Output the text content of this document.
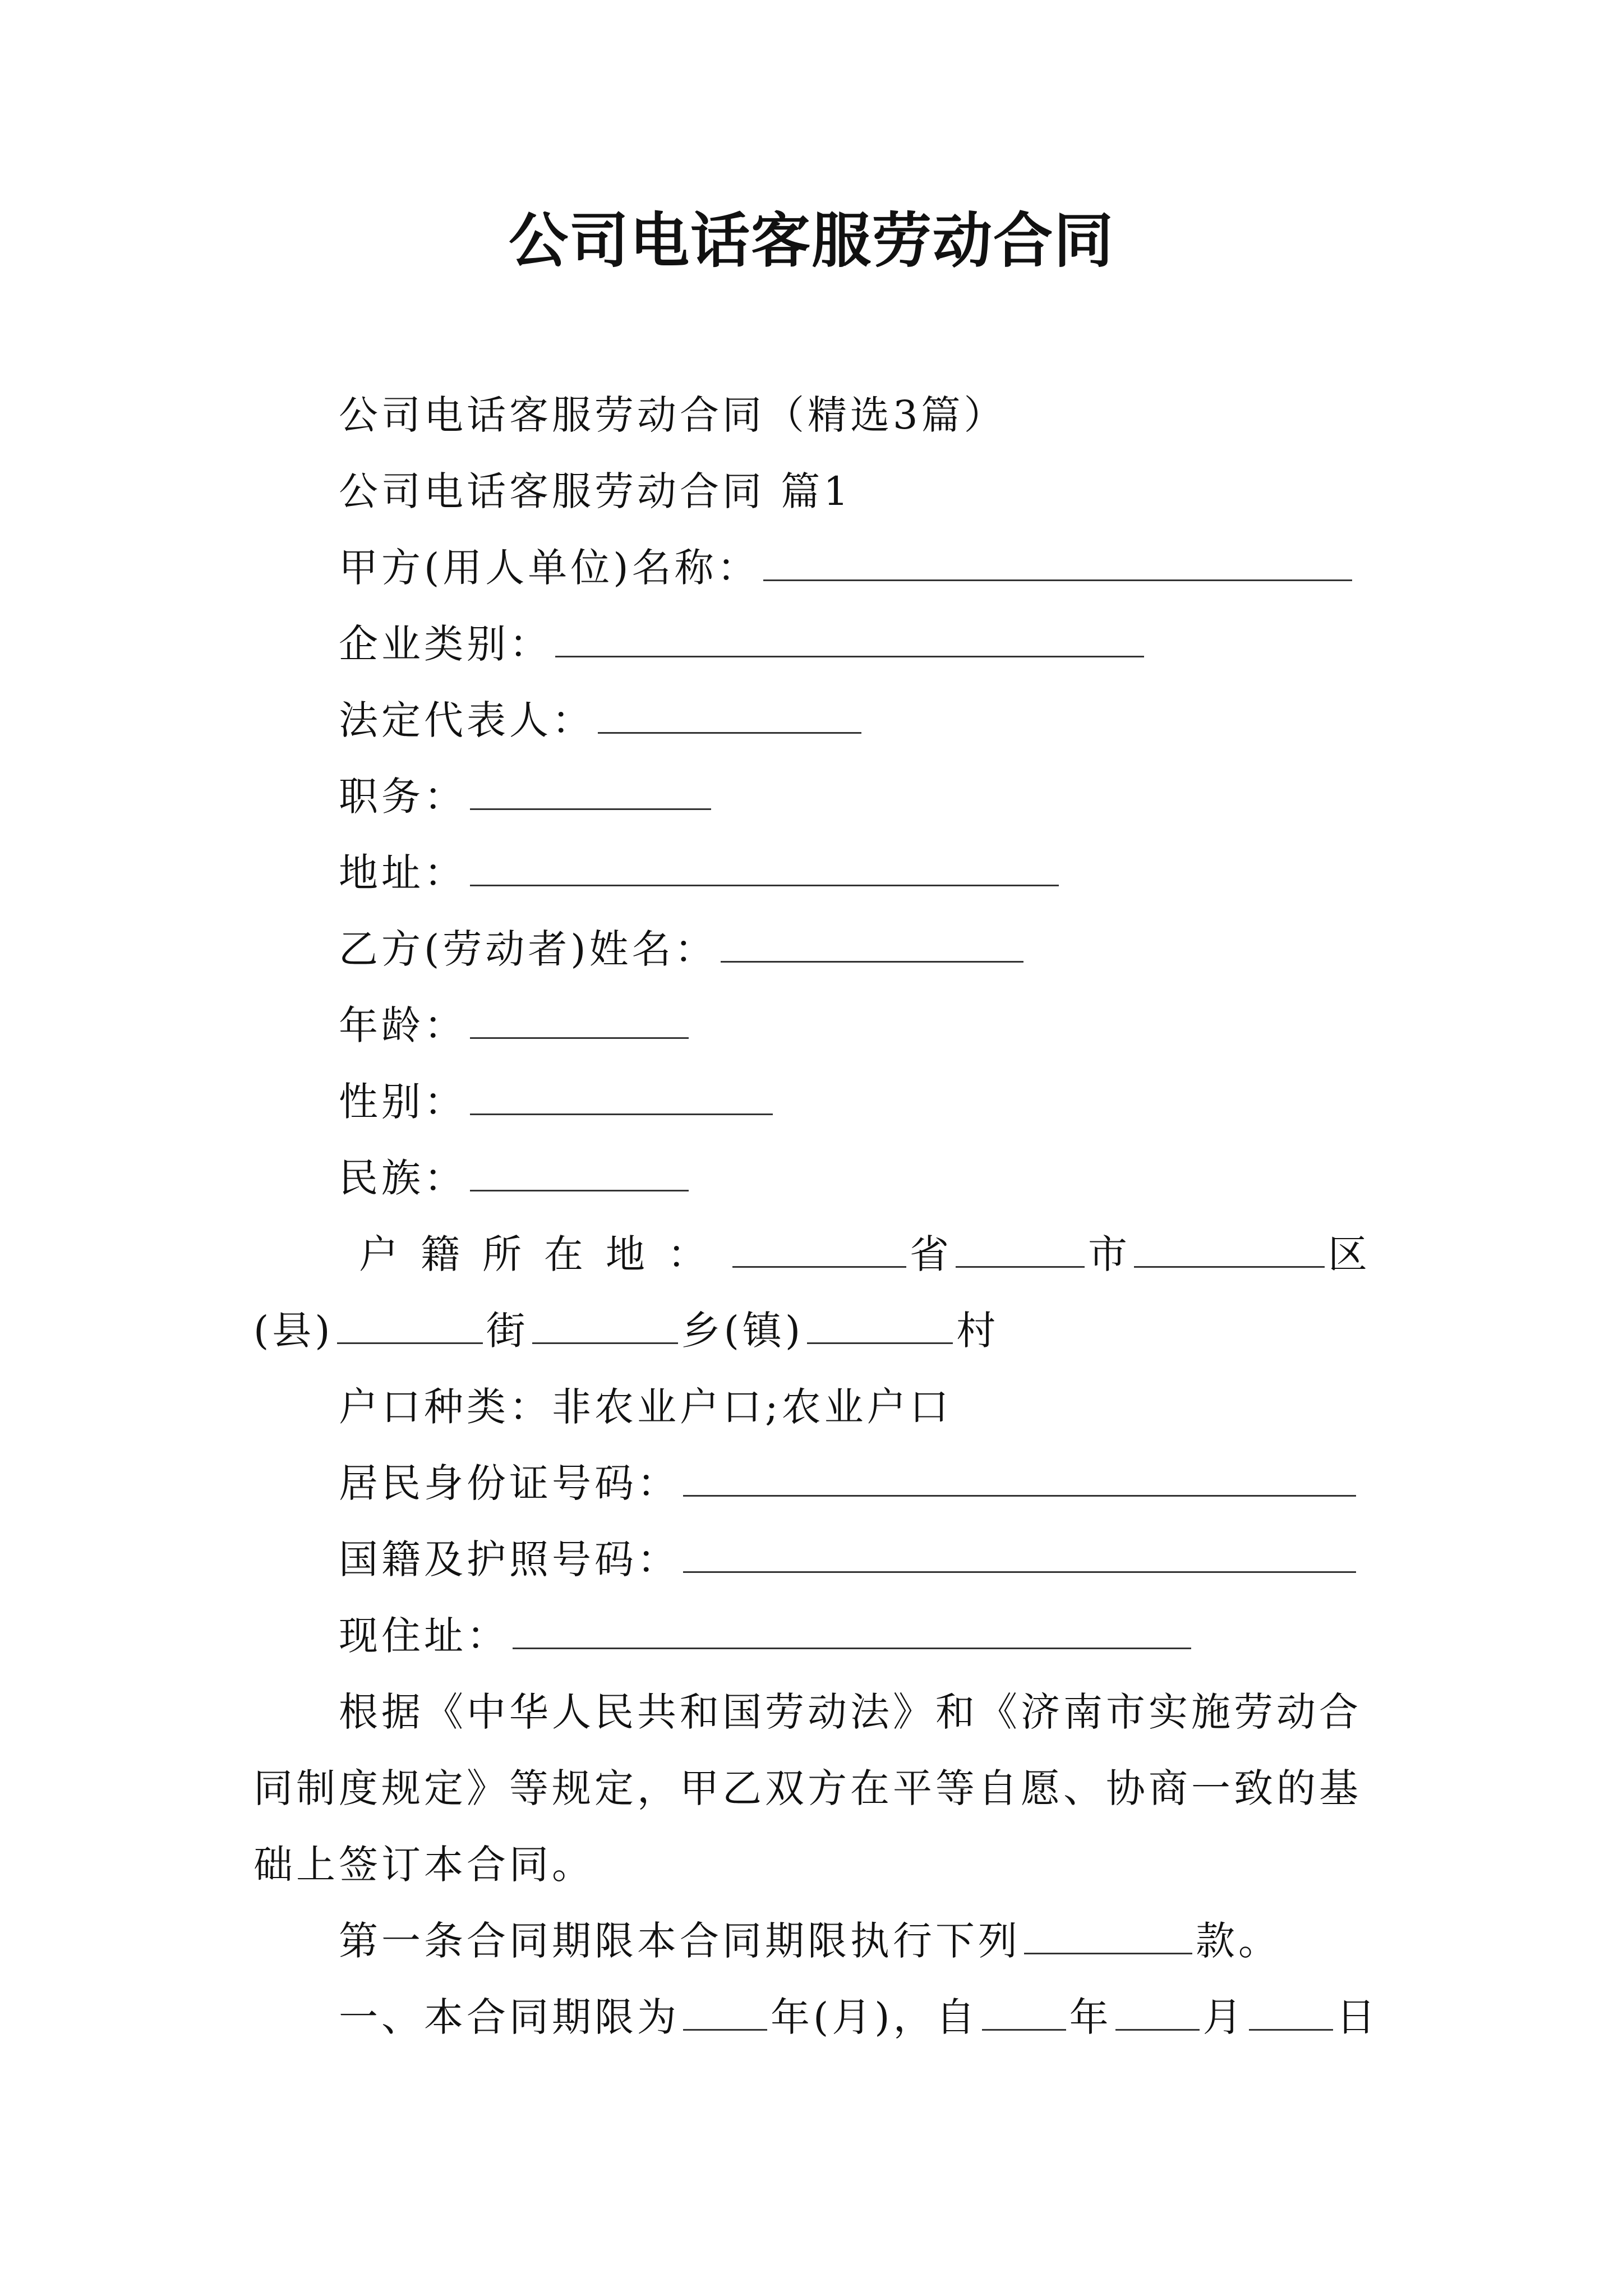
公司电话客服劳动合同
公司电话客服劳动合同（精选3篇）
公司电话客服劳动合同 篇1
甲方(用人单位)名称：
企业类别：
法定代表人：
职务：
地址：
乙方(劳动者)姓名：
年龄：
性别：
民族：
户籍所在地：	省	市	区
(县)	街	乡(镇)	村
户口种类：非农业户口;农业户口
居民身份证号码：
国籍及护照号码：
现住址：
根据《中华人民共和国劳动法》和《济南市实施劳动合
同制度规定》等规定，甲乙双方在平等自愿、协商一致的基
础上签订本合同。
第一条合同期限本合同期限执行下列	款。
一、本合同期限为 年(月)，自 年 月 日
